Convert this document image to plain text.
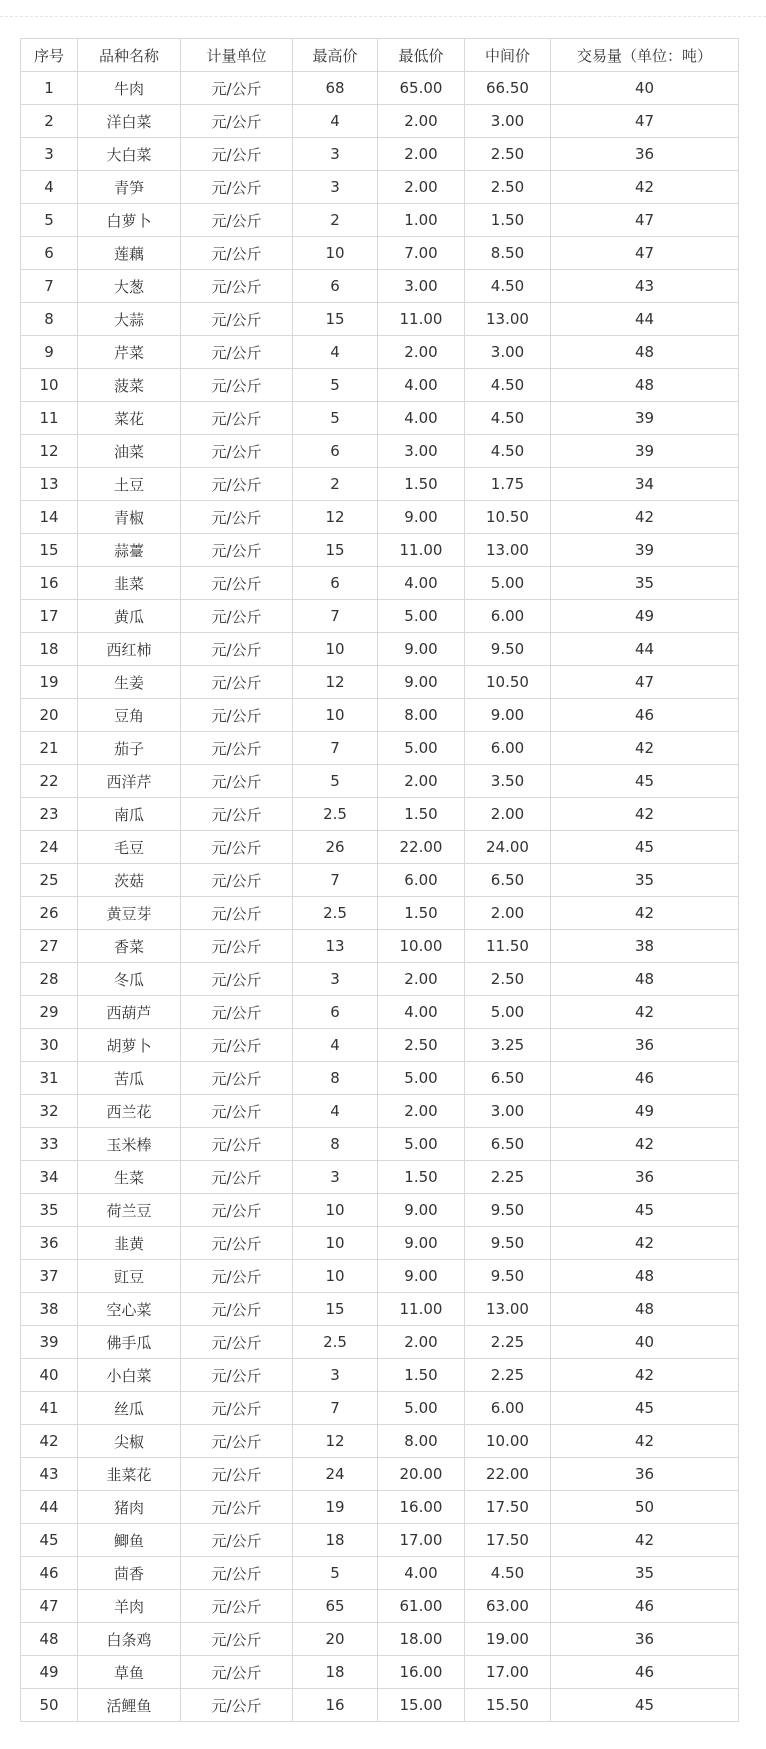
序号	品种名称	计量单位	最高价	最低价	中间价	交易量（单位：吨）
1	牛肉	元/公斤	68	65.00	66.50	40
2	洋白菜	元/公斤	4	2.00	3.00	47
3	大白菜	元/公斤	3	2.00	2.50	36
4	青笋	元/公斤	3	2.00	2.50	42
5	白萝卜	元/公斤	2	1.00	1.50	47
6	莲藕	元/公斤	10	7.00	8.50	47
7	大葱	元/公斤	6	3.00	4.50	43
8	大蒜	元/公斤	15	11.00	13.00	44
9	芹菜	元/公斤	4	2.00	3.00	48
10	菠菜	元/公斤	5	4.00	4.50	48
11	菜花	元/公斤	5	4.00	4.50	39
12	油菜	元/公斤	6	3.00	4.50	39
13	土豆	元/公斤	2	1.50	1.75	34
14	青椒	元/公斤	12	9.00	10.50	42
15	蒜薹	元/公斤	15	11.00	13.00	39
16	韭菜	元/公斤	6	4.00	5.00	35
17	黄瓜	元/公斤	7	5.00	6.00	49
18	西红柿	元/公斤	10	9.00	9.50	44
19	生姜	元/公斤	12	9.00	10.50	47
20	豆角	元/公斤	10	8.00	9.00	46
21	茄子	元/公斤	7	5.00	6.00	42
22	西洋芹	元/公斤	5	2.00	3.50	45
23	南瓜	元/公斤	2.5	1.50	2.00	42
24	毛豆	元/公斤	26	22.00	24.00	45
25	茨菇	元/公斤	7	6.00	6.50	35
26	黄豆芽	元/公斤	2.5	1.50	2.00	42
27	香菜	元/公斤	13	10.00	11.50	38
28	冬瓜	元/公斤	3	2.00	2.50	48
29	西葫芦	元/公斤	6	4.00	5.00	42
30	胡萝卜	元/公斤	4	2.50	3.25	36
31	苦瓜	元/公斤	8	5.00	6.50	46
32	西兰花	元/公斤	4	2.00	3.00	49
33	玉米棒	元/公斤	8	5.00	6.50	42
34	生菜	元/公斤	3	1.50	2.25	36
35	荷兰豆	元/公斤	10	9.00	9.50	45
36	韭黄	元/公斤	10	9.00	9.50	42
37	豇豆	元/公斤	10	9.00	9.50	48
38	空心菜	元/公斤	15	11.00	13.00	48
39	佛手瓜	元/公斤	2.5	2.00	2.25	40
40	小白菜	元/公斤	3	1.50	2.25	42
41	丝瓜	元/公斤	7	5.00	6.00	45
42	尖椒	元/公斤	12	8.00	10.00	42
43	韭菜花	元/公斤	24	20.00	22.00	36
44	猪肉	元/公斤	19	16.00	17.50	50
45	鲫鱼	元/公斤	18	17.00	17.50	42
46	茴香	元/公斤	5	4.00	4.50	35
47	羊肉	元/公斤	65	61.00	63.00	46
48	白条鸡	元/公斤	20	18.00	19.00	36
49	草鱼	元/公斤	18	16.00	17.00	46
50	活鲤鱼	元/公斤	16	15.00	15.50	45
